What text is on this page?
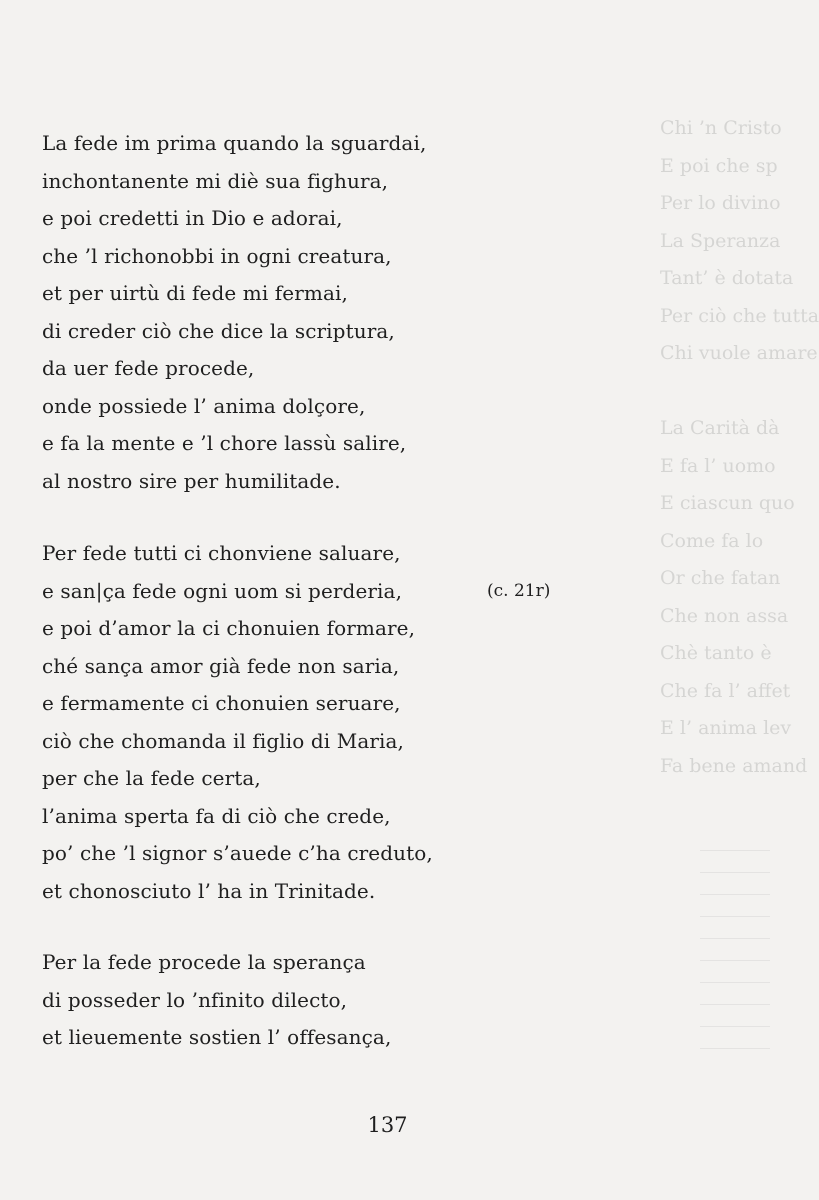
Chi ’n Cristo
E poi che sp
Per lo divino
La Speranza
Tant’ è dotata
Per ciò che tutta
Chi vuole amare

La Carità dà
E fa l’ uomo
E ciascun quo
Come fa lo
Or che fatan
Che non assa
Chè tanto è
Che fa l’ affet
E l’ anima lev
Fa bene amand
La fede im prima quando la sguardai,
inchontanente mi diè sua fighura,
e poi credetti in Dio e adorai,
che ’l richonobbi in ogni creatura,
et per uirtù di fede mi fermai,
di creder ciò che dice la scriptura,
da uer fede procede,
onde possiede l’ anima dolçore,
e fa la mente e ’l chore lassù salire,
al nostro sire per humilitade.
Per fede tutti ci chonviene saluare,
e san|ça fede ogni uom si perderia,
e poi d’amor la ci chonuien formare,
ché sança amor già fede non saria,
e fermamente ci chonuien seruare,
ciò che chomanda il figlio di Maria,
per che la fede certa,
l’anima sperta fa di ciò che crede,
po’ che ’l signor s’auede c’ha creduto,
et chonosciuto l’ ha in Trinitade.
(c. 21r)
Per la fede procede la sperança
di posseder lo ’nfinito dilecto,
et lieuemente sostien l’ offesança,
137
